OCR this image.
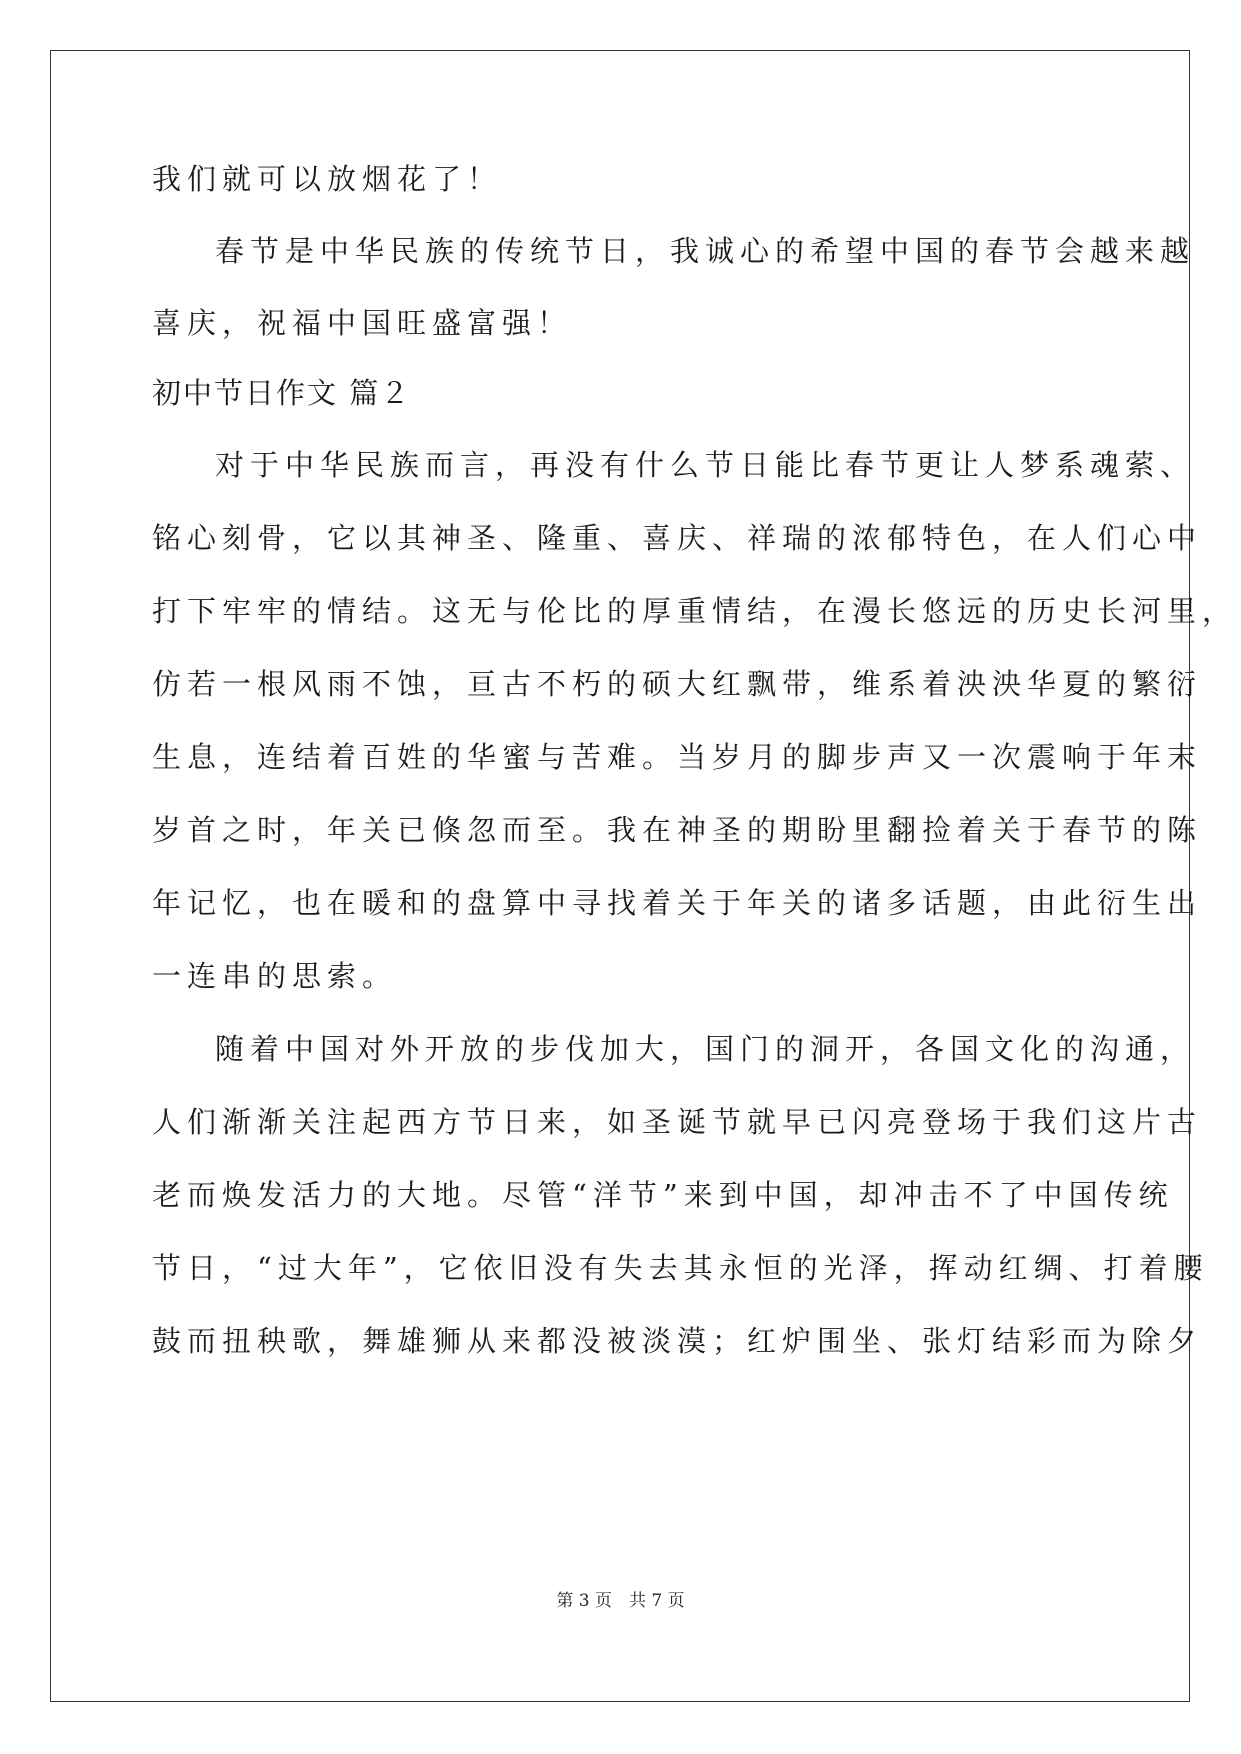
我们就可以放烟花了！
春节是中华民族的传统节日，我诚心的希望中国的春节会越来越
喜庆，祝福中国旺盛富强！
初中节日作文 篇２
对于中华民族而言，再没有什么节日能比春节更让人梦系魂萦、
铭心刻骨，它以其神圣、隆重、喜庆、祥瑞的浓郁特色，在人们心中
打下牢牢的情结。这无与伦比的厚重情结，在漫长悠远的历史长河里，
仿若一根风雨不蚀，亘古不朽的硕大红飘带，维系着泱泱华夏的繁衍
生息，连结着百姓的华蜜与苦难。当岁月的脚步声又一次震响于年末
岁首之时，年关已倏忽而至。我在神圣的期盼里翻捡着关于春节的陈
年记忆，也在暖和的盘算中寻找着关于年关的诸多话题，由此衍生出
一连串的思索。
随着中国对外开放的步伐加大，国门的洞开，各国文化的沟通，
人们渐渐关注起西方节日来，如圣诞节就早已闪亮登场于我们这片古
老而焕发活力的大地。尽管“洋节”来到中国，却冲击不了中国传统
节日，“过大年”，它依旧没有失去其永恒的光泽，挥动红绸、打着腰
鼓而扭秧歌，舞雄狮从来都没被淡漠；红炉围坐、张灯结彩而为除夕
第 3 页　共 7 页
